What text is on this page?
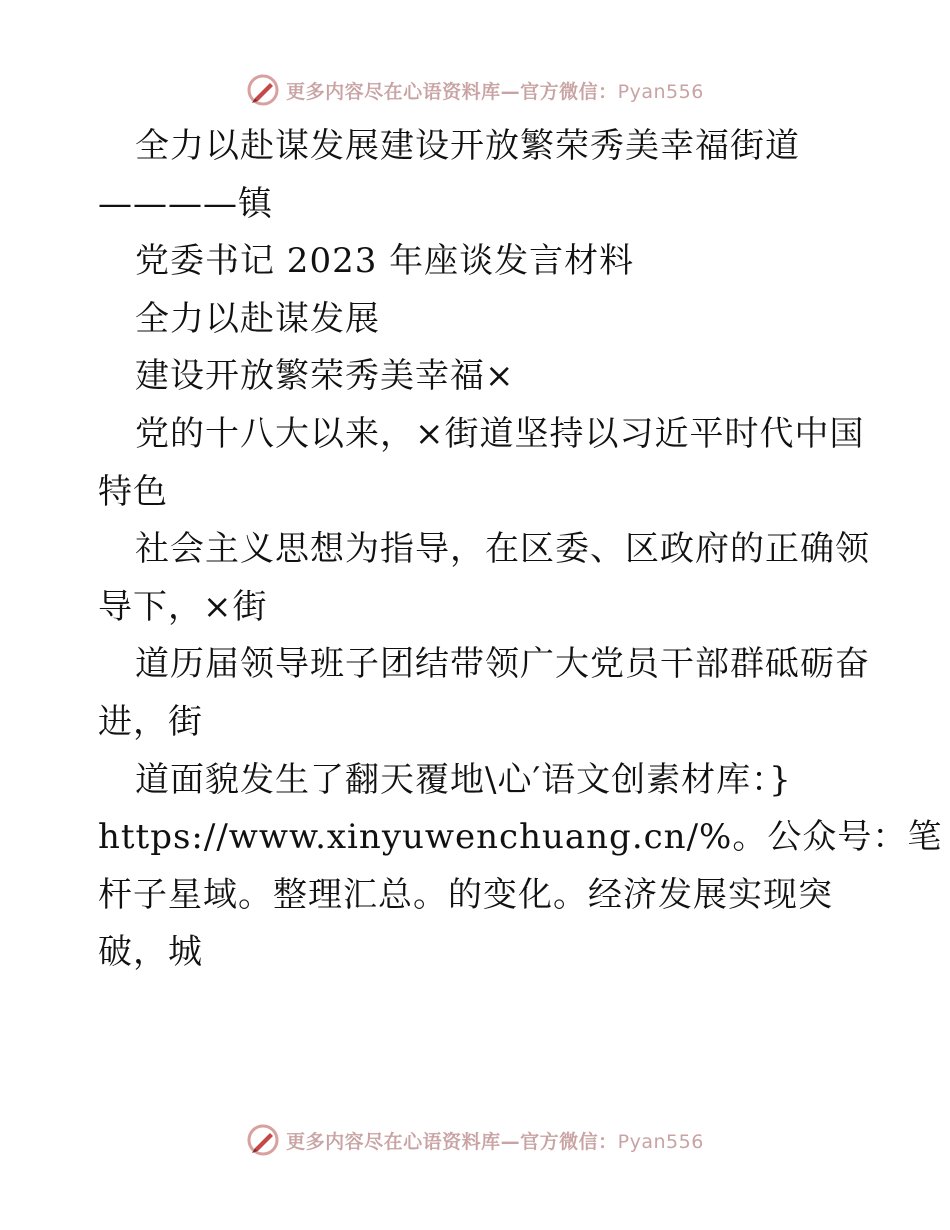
更多内容尽在心语资料库—官方微信：Pyan556
全力以赴谋发展建设开放繁荣秀美幸福街道
————镇
党委书记 2023 年座谈发言材料
全力以赴谋发展
建设开放繁荣秀美幸福×
党的十八大以来，×街道坚持以习近平时代中国
特色
社会主义思想为指导，在区委、区政府的正确领
导下，×街
道历届领导班子团结带领广大党员干部群砥砺奋
进，街
道面貌发生了翻天覆地\心′语文创素材库：}
https://www.xinyuwenchuang.cn/%。公众号：笔
杆子星域。整理汇总。的变化。经济发展实现突
破，城
更多内容尽在心语资料库—官方微信：Pyan556
